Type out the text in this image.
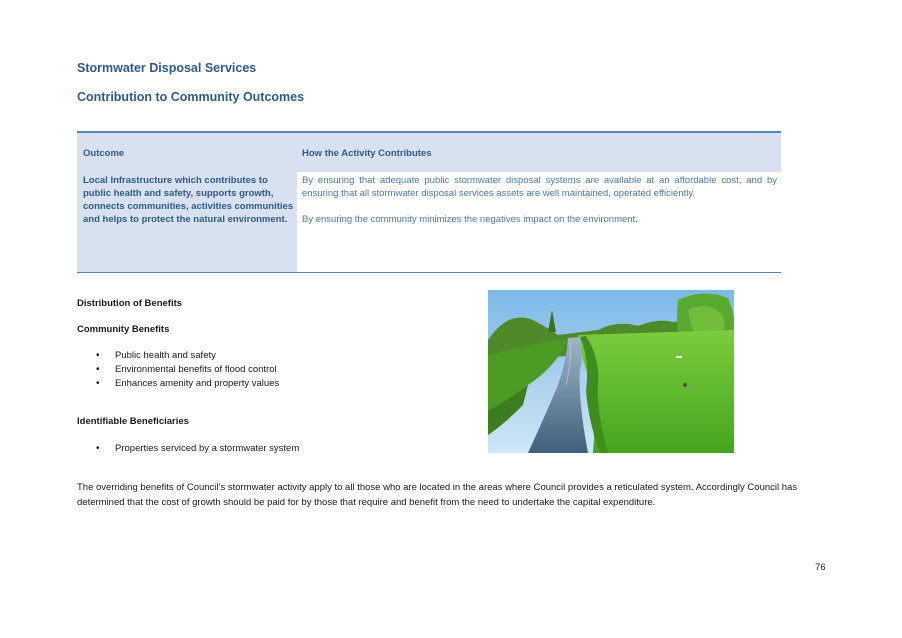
Stormwater Disposal Services
Contribution to Community Outcomes
Outcome	How the Activity Contributes
Local Infrastructure which contributes to public health and safety, supports growth, connects communities, activities communities and helps to protect the natural environment.

By ensuring that adequate public stormwater disposal systems are available at an affordable cost, and by ensuring that all stormwater disposal services assets are well maintained, operated efficiently.

By ensuring the community minimizes the negatives impact on the environment.

Distribution of Benefits
Community Benefits
• Public health and safety
• Environmental benefits of flood control
• Enhances amenity and property values
Identifiable Beneficiaries
• Properties serviced by a stormwater system
The overriding benefits of Council’s stormwater activity apply to all those who are located in the areas where Council provides a reticulated system. Accordingly Council has determined that the cost of growth should be paid for by those that require and benefit from the need to undertake the capital expenditure.
76
